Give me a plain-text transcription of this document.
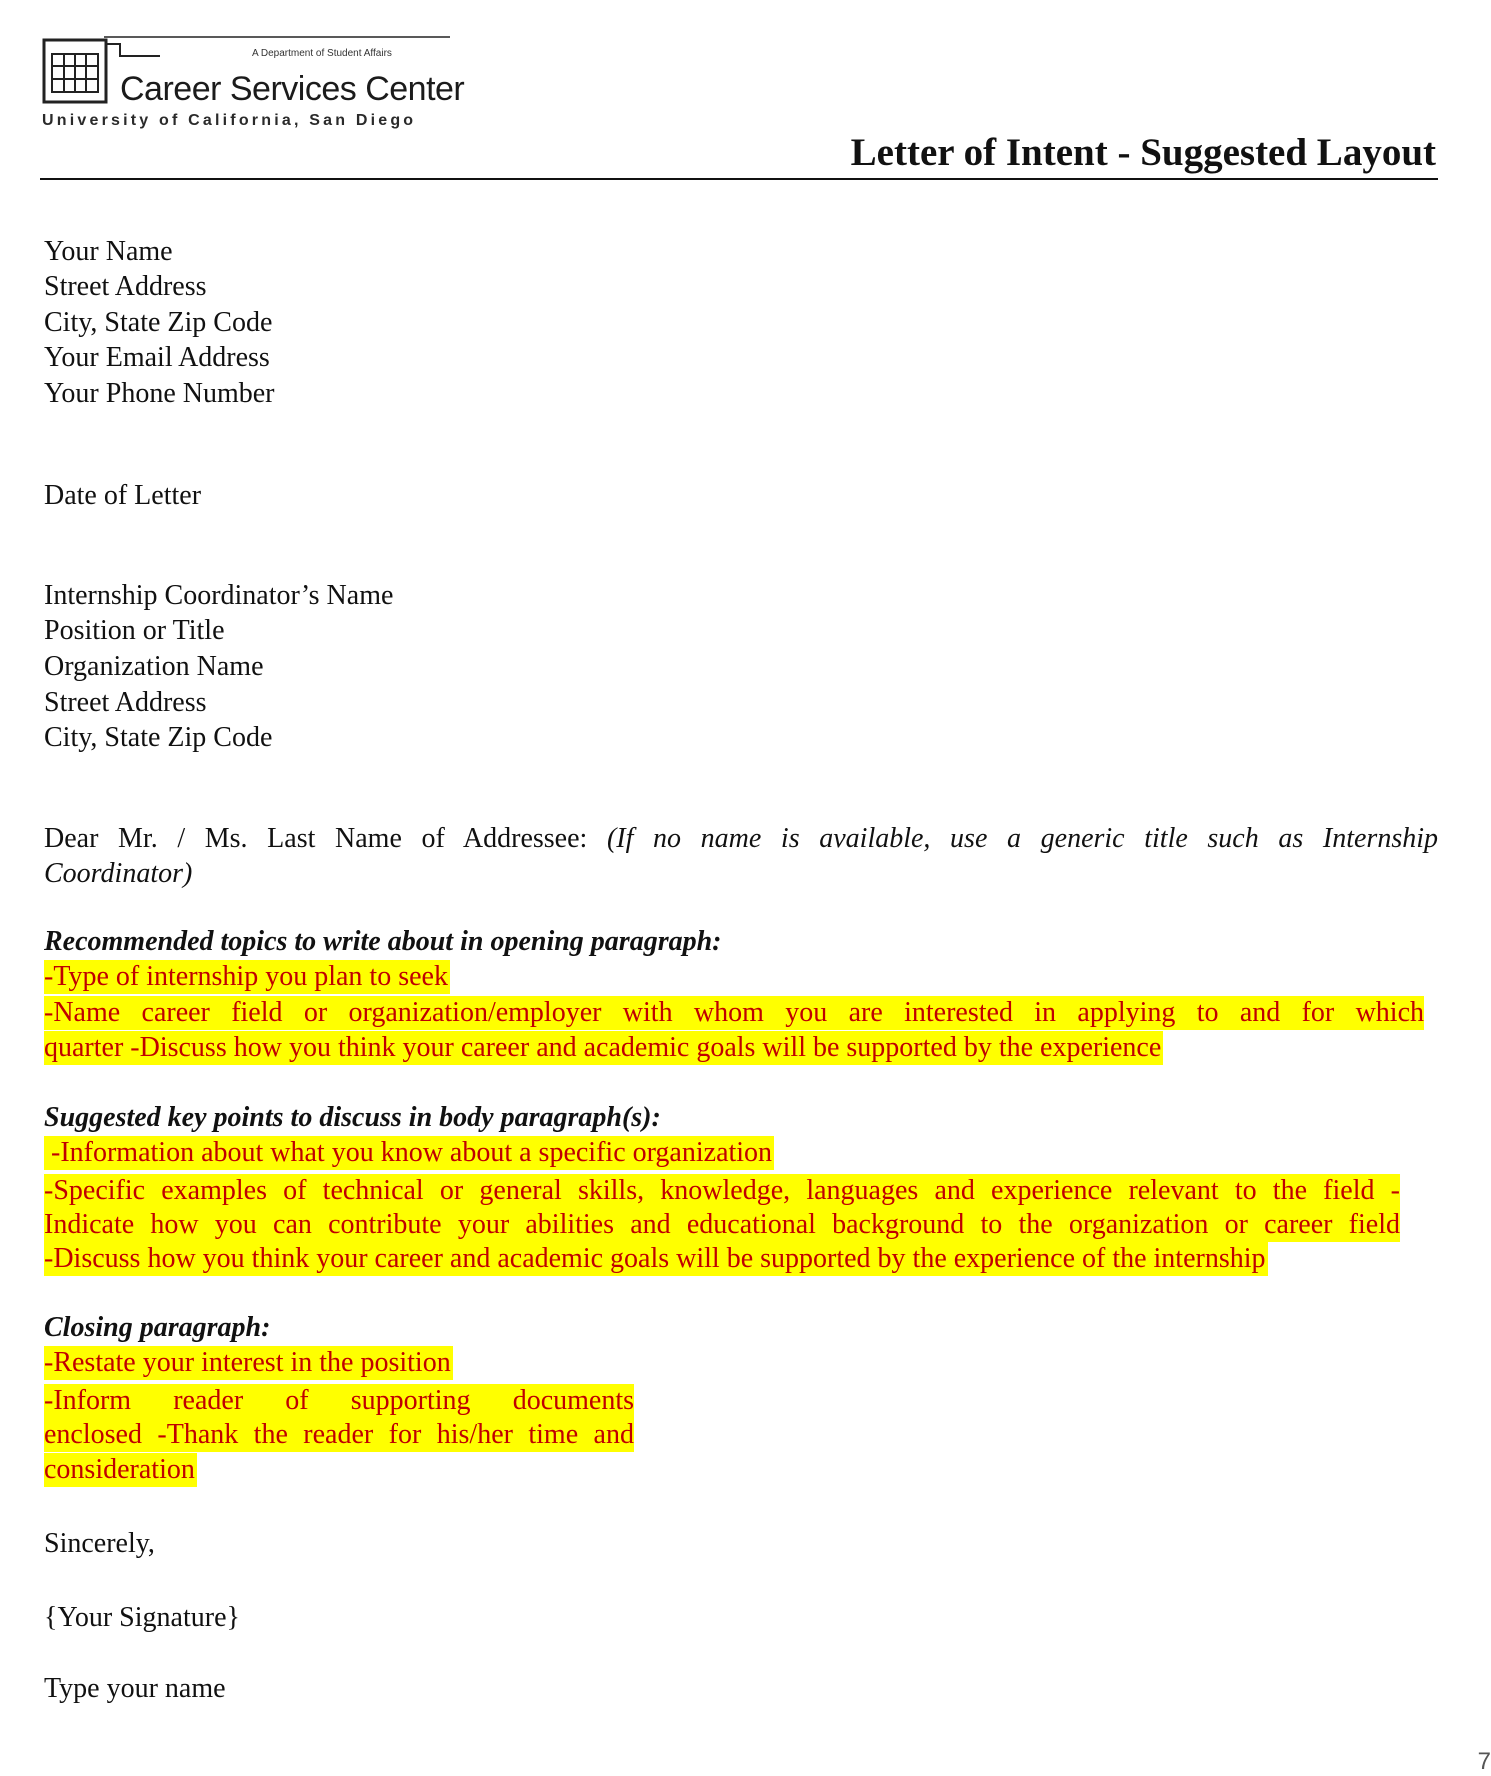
A Department of Student Affairs
Career Services Center
University of California, San Diego
Letter of Intent - Suggested Layout
Your Name
Street Address
City, State Zip Code
Your Email Address
Your Phone Number
Date of Letter
Internship Coordinator’s Name
Position or Title
Organization Name
Street Address
City, State Zip Code
Dear Mr. / Ms. Last Name of Addressee: (If no name is available, use a generic title such as Internship
Coordinator)
Recommended topics to write about in opening paragraph:
-Type of internship you plan to seek
-Name career field or organization/employer with whom you are interested in applying to and for which
quarter -Discuss how you think your career and academic goals will be supported by the experience
Suggested key points to discuss in body paragraph(s):
-Information about what you know about a specific organization
-Specific examples of technical or general skills, knowledge, languages and experience relevant to the field -
Indicate how you can contribute your abilities and educational background to the organization or career field
-Discuss how you think your career and academic goals will be supported by the experience of the internship
Closing paragraph:
-Restate your interest in the position
-Inform reader of supporting documents
enclosed -Thank the reader for his/her time and
consideration
Sincerely,
{Your Signature}
Type your name
7
